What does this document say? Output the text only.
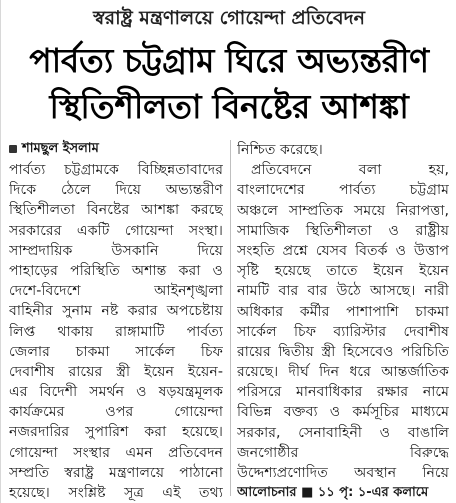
স্বরাষ্ট্র মন্ত্রণালয়ে গোয়েন্দা প্রতিবেদন
পার্বত্য চট্টগ্রাম ঘিরে অভ্যন্তরীণ
স্থিতিশীলতা বিনষ্টের আশঙ্কা
শামছুল ইসলাম
পার্বত্য চট্টগ্রামকে বিচ্ছিন্নতাবাদের
দিকে ঠেলে দিয়ে অভ্যন্তরীণ
স্থিতিশীলতা বিনষ্টের আশঙ্কা করছে
সরকারের একটি গোয়েন্দা সংস্থা।
সাম্প্রদায়িক উসকানি দিয়ে
পাহাড়ের পরিস্থিতি অশান্ত করা ও
দেশে-বিদেশে আইনশৃঙ্খলা
বাহিনীর সুনাম নষ্ট করার অপচেষ্টায়
লিপ্ত থাকায় রাঙ্গামাটি পার্বত্য
জেলার চাকমা সার্কেল চিফ
দেবাশীষ রায়ের স্ত্রী ইয়েন ইয়েন-
এর বিদেশী সমর্থন ও ষড়যন্ত্রমূলক
কার্যক্রমের ওপর গোয়েন্দা
নজরদারির সুপারিশ করা হয়েছে।
গোয়েন্দা সংস্থার এমন প্রতিবেদন
সম্প্রতি স্বরাষ্ট্র মন্ত্রণালয়ে পাঠানো
হয়েছে। সংশ্লিষ্ট সূত্র এই তথ্য
নিশ্চিত করেছে।
প্রতিবেদনে বলা হয়,
বাংলাদেশের পার্বত্য চট্টগ্রাম
অঞ্চলে সাম্প্রতিক সময়ে নিরাপত্তা,
সামাজিক স্থিতিশীলতা ও রাষ্ট্রীয়
সংহতি প্রশ্নে যেসব বিতর্ক ও উত্তাপ
সৃষ্টি হয়েছে তাতে ইয়েন ইয়েন
নামটি বার বার উঠে আসছে। নারী
অধিকার কর্মীর পাশাপাশি চাকমা
সার্কেল চিফ ব্যারিস্টার দেবাশীষ
রায়ের দ্বিতীয় স্ত্রী হিসেবেও পরিচিতি
রয়েছে। দীর্ঘ দিন ধরে আন্তর্জাতিক
পরিসরে মানবাধিকার রক্ষার নামে
বিভিন্ন বক্তব্য ও কর্মসূচির মাধ্যমে
সরকার, সেনাবাহিনী ও বাঙালি
জনগোষ্ঠীর বিরুদ্ধে
উদ্দেশ্যপ্রণোদিত অবস্থান নিয়ে
আলোচনার ■ ১১ পৃ: ১-এর কলামে
